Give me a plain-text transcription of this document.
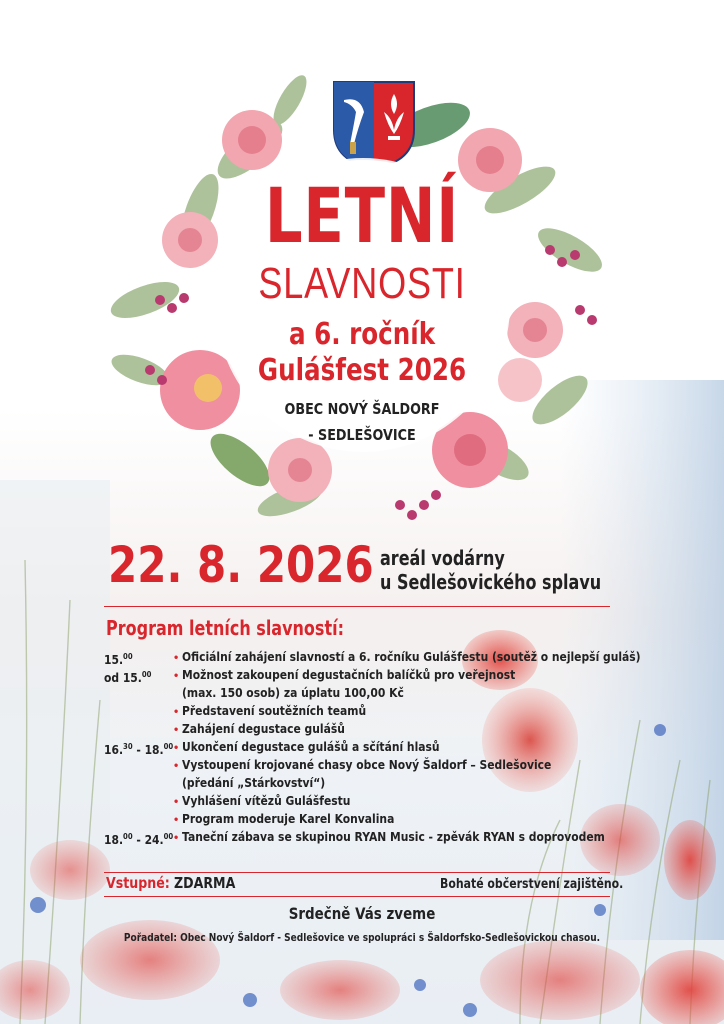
LETNÍ
SLAVNOSTI
a 6. ročník
Gulášfest 2026
OBEC NOVÝ ŠALDORF
- SEDLEŠOVICE
22. 8. 2026 areál vodárny
u Sedlešovického splavu
Program letních slavností:
15.00	• Oficiální zahájení slavností a 6. ročníku Gulášfestu (soutěž o nejlepší guláš)
od 15.00	• Možnost zakoupení degustačních balíčků pro veřejnost
(max. 150 osob) za úplatu 100,00 Kč
• Představení soutěžních teamů
• Zahájení degustace gulášů
16.30 - 18.00 • Ukončení degustace gulášů a sčítání hlasů
• Vystoupení krojované chasy obce Nový Šaldorf – Sedlešovice
(předání „Stárkovství“)
• Vyhlášení vítězů Gulášfestu
• Program moderuje Karel Konvalina
18.00 - 24.00 • Taneční zábava se skupinou RYAN Music - zpěvák RYAN s doprovodem
Vstupné: ZDARMA	Bohaté občerstvení zajištěno.
Srdečně Vás zveme
Pořadatel: Obec Nový Šaldorf - Sedlešovice ve spolupráci s Šaldorfsko-Sedlešovickou chasou.
